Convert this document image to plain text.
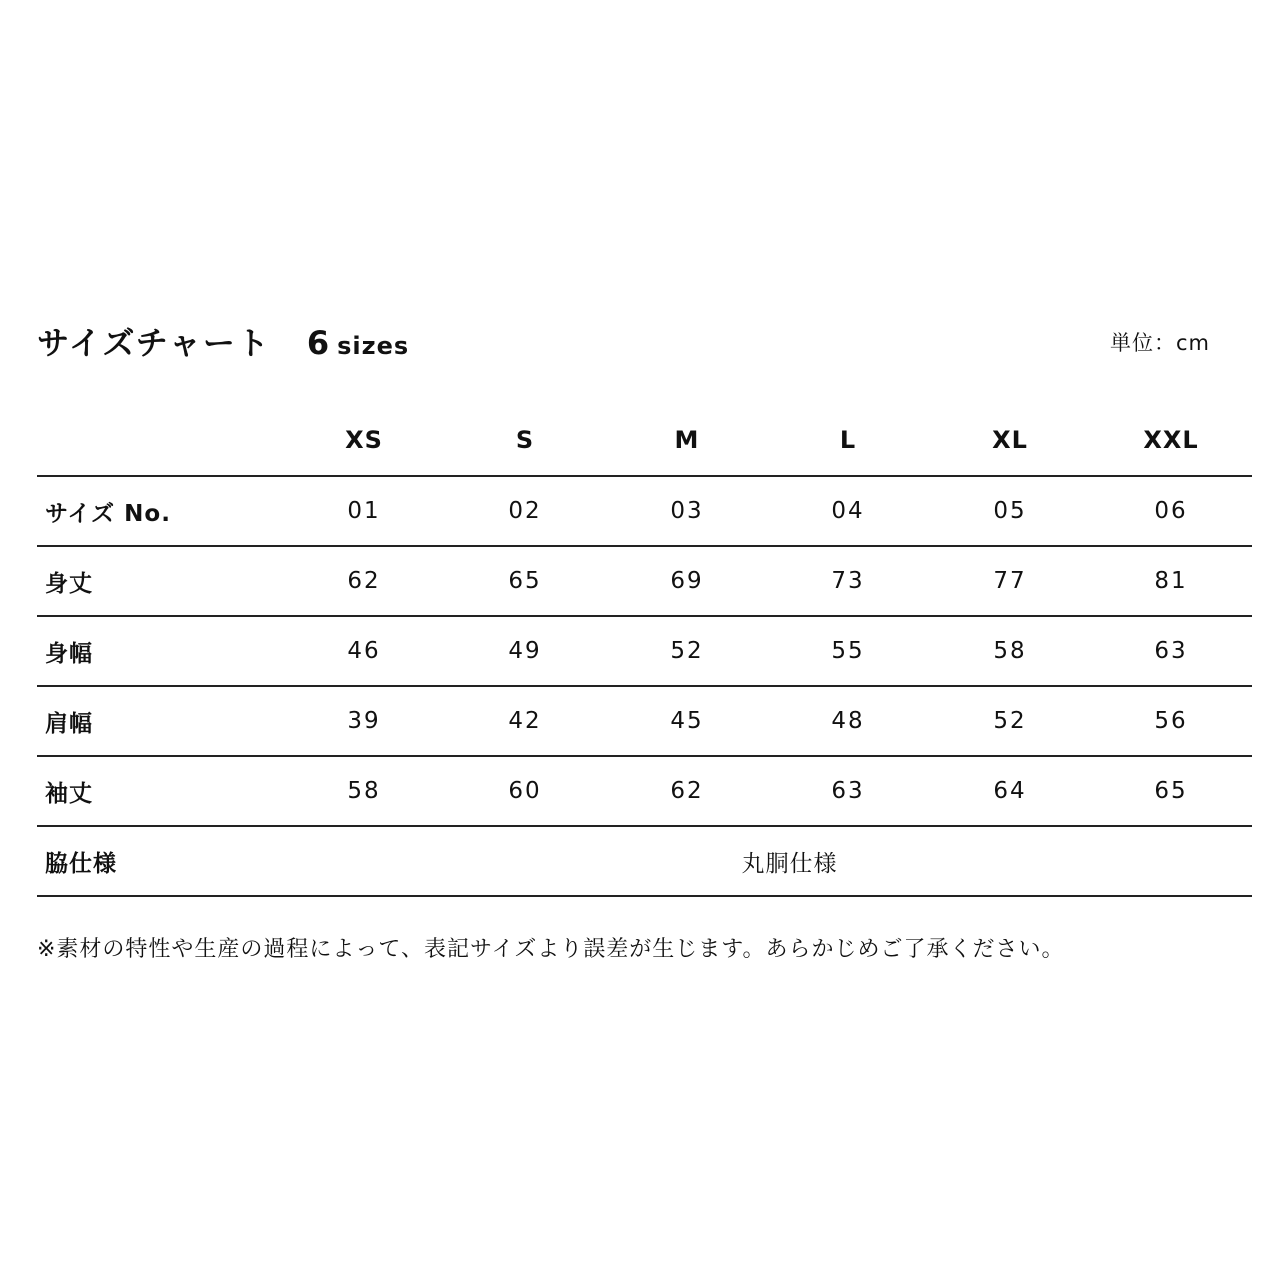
サイズチャート 6 sizes	単位：cm
XS	S	M	L	XL	XXL
サイズ No.	01	02	03	04	05	06
身丈	62	65	69	73	77	81
身幅	46	49	52	55	58	63
肩幅	39	42	45	48	52	56
袖丈	58	60	62	63	64	65
脇仕様	丸胴仕様
※素材の特性や生産の過程によって、表記サイズより誤差が生じます。あらかじめご了承ください。
